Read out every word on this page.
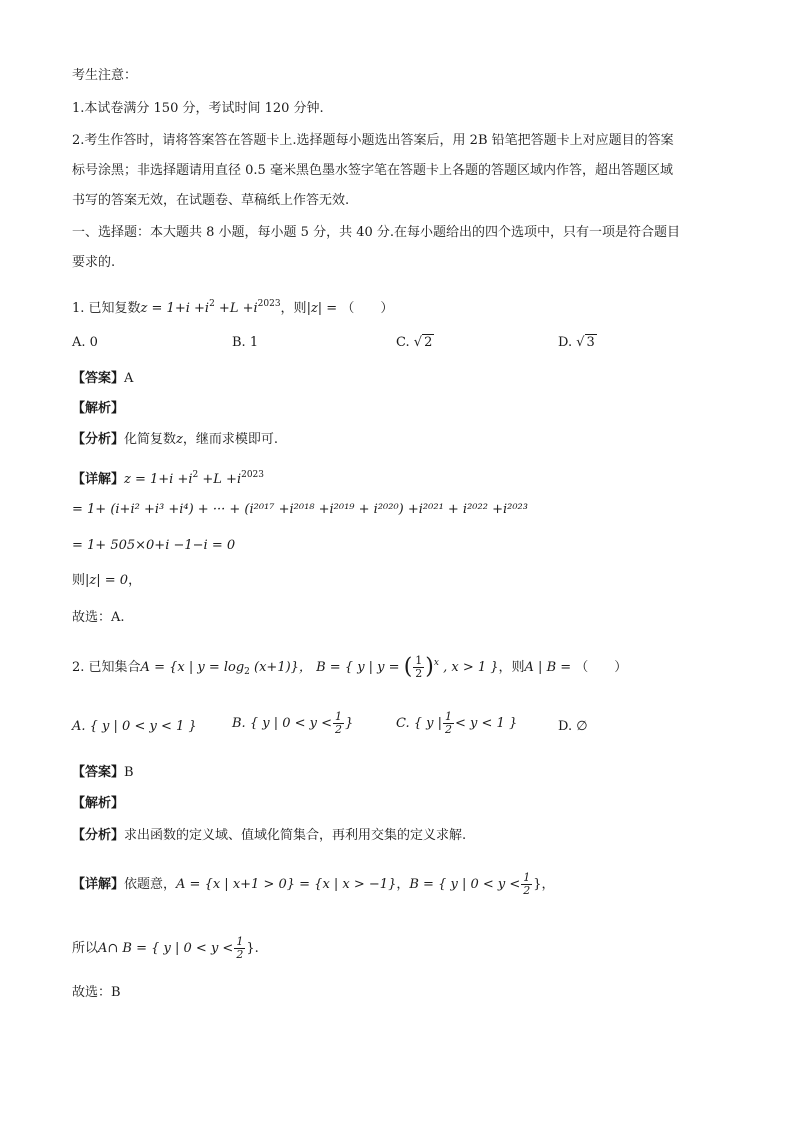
考生注意：
1.本试卷满分 150 分，考试时间 120 分钟.
2.考生作答时，请将答案答在答题卡上.选择题每小题选出答案后，用 2B 铅笔把答题卡上对应题目的答案
标号涂黑；非选择题请用直径 0.5 毫米黑色墨水签字笔在答题卡上各题的答题区域内作答，超出答题区域
书写的答案无效，在试题卷、草稿纸上作答无效.
一、选择题：本大题共 8 小题，每小题 5 分，共 40 分.在每小题给出的四个选项中，只有一项是符合题目
要求的.
1. 已知复数$z = 1+i +i^2 +L +i^{2023}$，则|z| = （　　）
A. 0	B. 1	C. √ 2	D. √ 3
【答案】A
【解析】
【分析】化简复数z，继而求模即可.
【详解】$z = 1+i +i^2 +L +i^{2023}$
= 1+ (i+i² +i³ +i⁴) + ··· + (i²⁰¹⁷ +i²⁰¹⁸ +i²⁰¹⁹ + i²⁰²⁰) +i²⁰²¹ + i²⁰²² +i²⁰²³
= 1+ 505×0+i −1−i = 0
则|z| = 0，
故选：A.
2. 已知集合A = {x | $y = \log_2 (x+1)$}， B = { y | y = ( $\frac{1}{2} )^x$ , x > 1 }，则A | B = （　　）
A. { y | 0 < y < 1 }	B. { y | $0 < y < \frac{1}{2}$ }	C. { y | $\frac{1}{2} < y < 1$ }	D. ∅
【答案】B
【解析】
【分析】求出函数的定义域、值域化简集合，再利用交集的定义求解.
【详解】依题意，A = {x | x+1 > 0} = {x | x > −1}，B = { y | $0 < y < \frac{1}{2}$ }，
所以A∩ B = { y | $0 < y < \frac{1}{2}$ }.
故选：B
